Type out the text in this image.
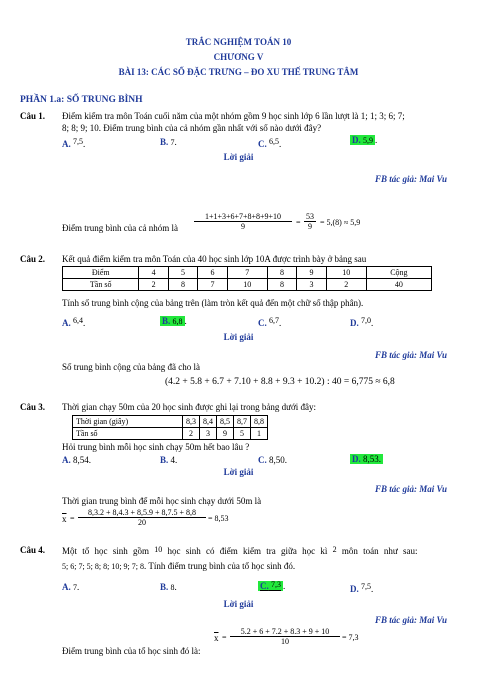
TRẮC NGHIỆM TOÁN 10
CHƯƠNG V
BÀI 13: CÁC SỐ ĐẶC TRƯNG – ĐO XU THẾ TRUNG TÂM
PHẦN 1.a: SỐ TRUNG BÌNH
Câu 1. Điểm kiểm tra môn Toán cuối năm của một nhóm gồm 9 học sinh lớp 6 lần lượt là 1; 1; 3; 6; 7;
8; 8; 9; 10. Điểm trung bình của cả nhóm gần nhất với số nào dưới đây?
A. 7,5.	B. 7.	C. 6,5.	D. 5,9 .
Lời giải
FB tác giả: Mai Vu
Điểm trung bình của cả nhóm là $\frac{1+1+3+6+7+8+8+9+10}{9} = \frac{53}{9} = 5,(8) \approx 5,9$
Câu 2. Kết quả điểm kiểm tra môn Toán của 40 học sinh lớp 10A được trình bày ở bảng sau
Điểm	4	5	6	7	8	9	10	Cộng
Tần số	2	8	7	10	8	3	2	40
Tính số trung bình cộng của bảng trên (làm tròn kết quả đến một chữ số thập phân).
A. 6,4.	B. 6,8 .	C. 6,7.	D. 7,0.
Lời giải
FB tác giả: Mai Vu
Số trung bình cộng của bảng đã cho là
(4.2 + 5.8 + 6.7 + 7.10 + 8.8 + 9.3 + 10.2) : 40 = 6,775 ≈ 6,8
Câu 3. Thời gian chạy 50m của 20 học sinh được ghi lại trong bảng dưới đây:
Thời gian (giây)	8,3	8,4	8,5	8,7	8,8
Tần số	2	3	9	5	1
Hỏi trung bình mỗi học sinh chạy 50m hết bao lâu ?
A. 8,54.	B. 4.	C. 8,50.	D. 8,53.
Lời giải
FB tác giả: Mai Vu
Thời gian trung bình để mỗi học sinh chạy dưới 50m là
$\overline{x} = \frac{8,3.2 + 8,4.3 + 8,5.9 + 8,7.5 + 8,8}{20} = 8,53$
Câu 4. Một tổ học sinh gồm 10 học sinh có điểm kiểm tra giữa học kì 2 môn toán như sau:
5; 6; 7; 5; 8; 8; 10; 9; 7; 8. Tính điểm trung bình của tổ học sinh đó.
A. 7.	B. 8.	C. 7,3 .	D. 7,5.
Lời giải
FB tác giả: Mai Vu
Điểm trung bình của tổ học sinh đó là:
$\overline{x} = \frac{5.2 + 6 + 7.2 + 8.3 + 9 + 10}{10} = 7,3$
